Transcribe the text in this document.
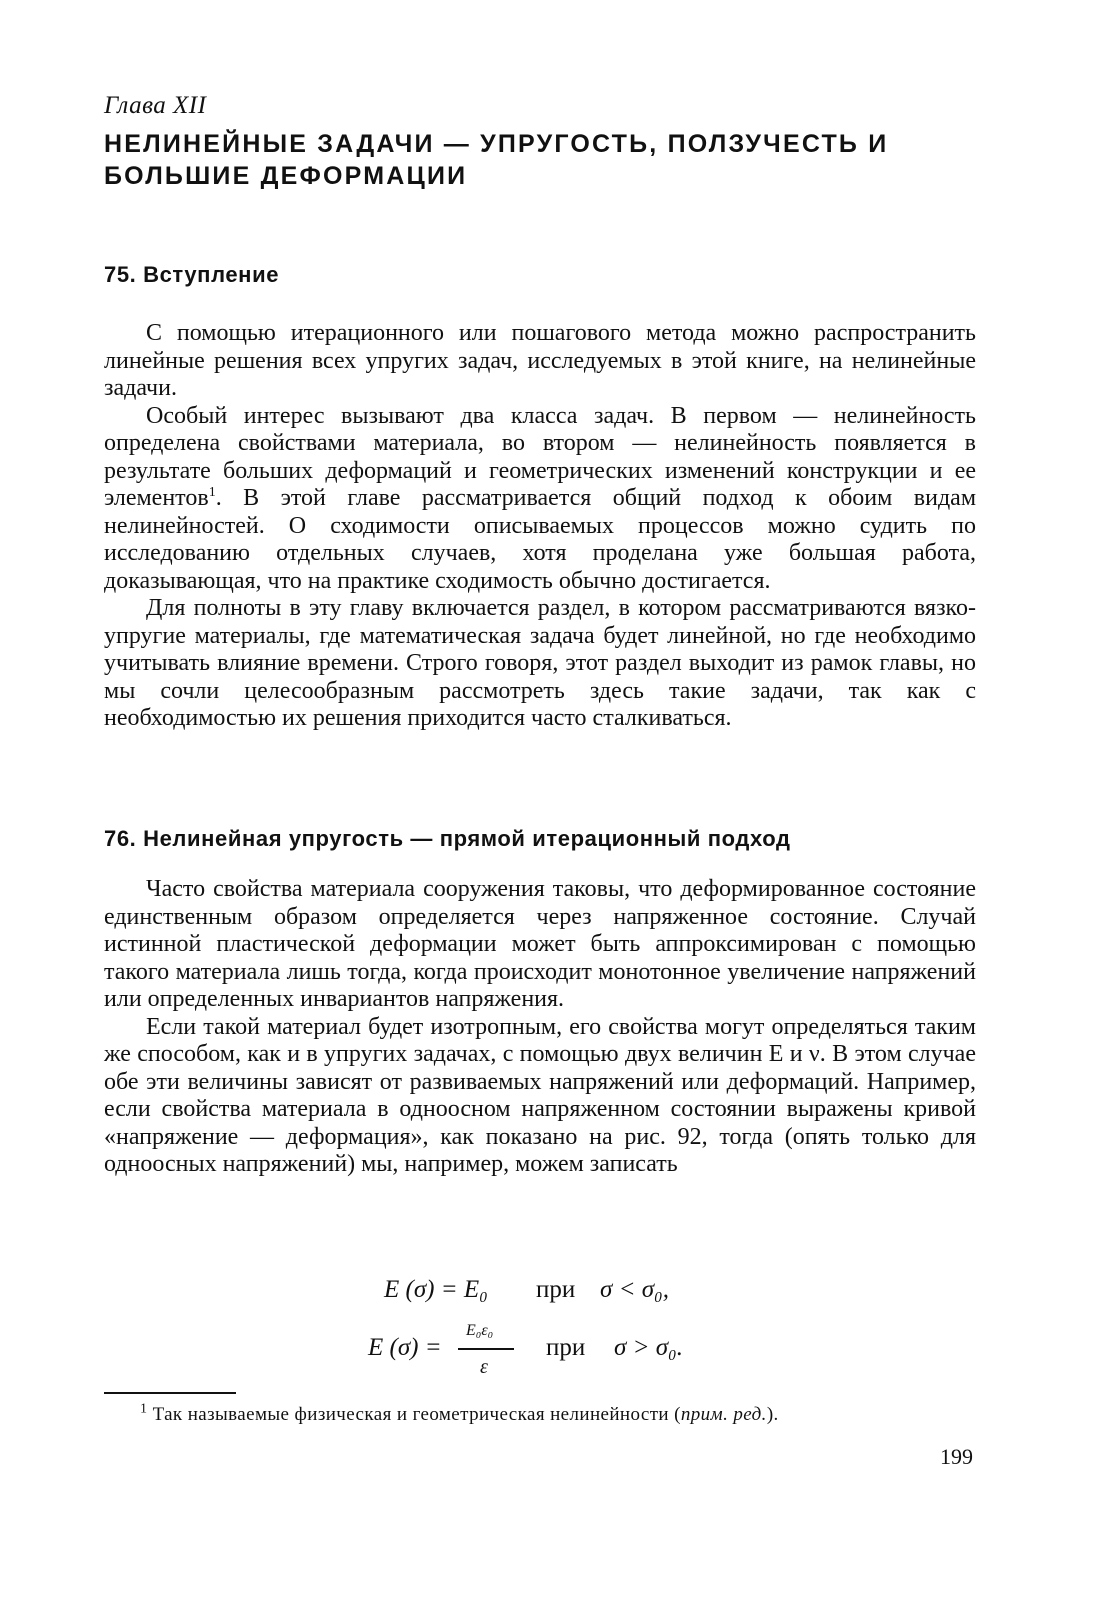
Глава XII
НЕЛИНЕЙНЫЕ ЗАДАЧИ — УПРУГОСТЬ, ПОЛЗУЧЕСТЬ И БОЛЬШИЕ ДЕФОРМАЦИИ
75. Вступление

С помощью итерационного или пошагового метода можно распространить линейные решения всех упругих задач, исследуемых в этой книге, на нелинейные задачи.

Особый интерес вызывают два класса задач. В первом — нелинейность определена свойствами материала, во втором — нелинейность появляется в результате больших деформаций и геометрических изменений конструкции и ее элементов$^1$. В этой главе рассматривается общий подход к обоим видам нелинейностей. О сходимости описываемых процессов можно судить по исследованию отдельных случаев, хотя проделана уже большая работа, доказывающая, что на практике сходимость обычно достигается.

Для полноты в эту главу включается раздел, в котором рассматриваются вязко-упругие материалы, где математическая задача будет линейной, но где необходимо учитывать влияние времени. Строго говоря, этот раздел выходит из рамок главы, но мы сочли целесообразным рассмотреть здесь такие задачи, так как с необходимостью их решения приходится часто сталкиваться.

76. Нелинейная упругость — прямой итерационный подход

Часто свойства материала сооружения таковы, что деформированное состояние единственным образом определяется через напряженное состояние. Случай истинной пластической деформации может быть аппроксимирован с помощью такого материала лишь тогда, когда происходит монотонное увеличение напряжений или определенных инвариантов напряжения.

Если такой материал будет изотропным, его свойства могут определяться таким же способом, как и в упругих задачах, с помощью двух величин E и ν. В этом случае обе эти величины зависят от развиваемых напряжений или деформаций. Например, если свойства материала в одноосном напряженном состоянии выражены кривой «напряжение — деформация», как показано на рис. 92, тогда (опять только для одноосных напряжений) мы, например, можем записать

E (σ) = E₀ при σ < σ₀,
E (σ) =
E₀ε₀
ε
при σ > σ₀.
$^1$ Так называемые физическая и геометрическая нелинейности (прим. ред.).
199
